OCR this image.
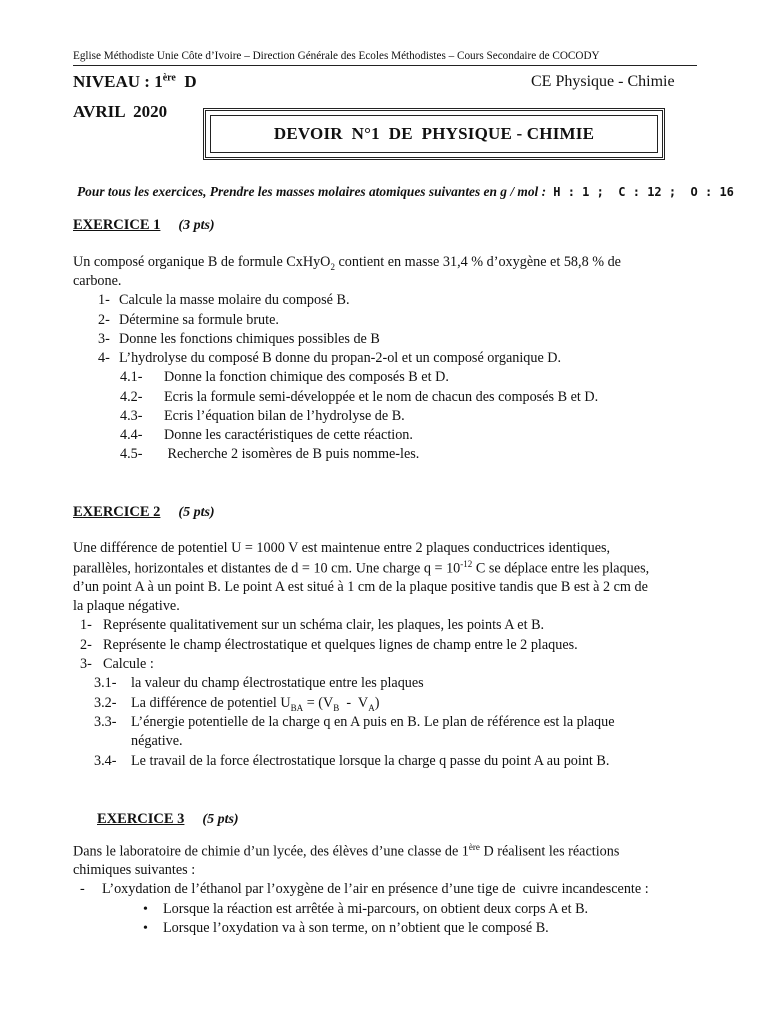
Eglise Méthodiste Unie Côte d’Ivoire – Direction Générale des Ecoles Méthodistes – Cours Secondaire de COCODY
NIVEAU : 1ère  D	CE Physique - Chimie
AVRIL  2020
DEVOIR  N°1  DE  PHYSIQUE - CHIMIE
Pour tous les exercices, Prendre les masses molaires atomiques suivantes en g / mol : H : 1 ;  C : 12 ;  O : 16
EXERCICE 1 (3 pts)
Un composé organique B de formule CxHyO$_2$ contient en masse 31,4 % d’oxygène et 58,8 % de
carbone.
1- Calcule la masse molaire du composé B.
2- Détermine sa formule brute.
3- Donne les fonctions chimiques possibles de B
4- L’hydrolyse du composé B donne du propan-2-ol et un composé organique D.
4.1- Donne la fonction chimique des composés B et D.
4.2- Ecris la formule semi-développée et le nom de chacun des composés B et D.
4.3- Ecris l’équation bilan de l’hydrolyse de B.
4.4- Donne les caractéristiques de cette réaction.
4.5- Recherche 2 isomères de B puis nomme-les.
EXERCICE 2 (5 pts)
Une différence de potentiel U = 1000 V est maintenue entre 2 plaques conductrices identiques,
parallèles, horizontales et distantes de d = 10 cm. Une charge $q = 10^{-12}$ C se déplace entre les plaques,
d’un point A à un point B. Le point A est situé à 1 cm de la plaque positive tandis que B est à 2 cm de
la plaque négative.
1- Représente qualitativement sur un schéma clair, les plaques, les points A et B.
2- Représente le champ électrostatique et quelques lignes de champ entre le 2 plaques.
3- Calcule :
3.1- la valeur du champ électrostatique entre les plaques
3.2- La différence de potentiel $U_{BA} = (V_B - V_A)$
3.3- L’énergie potentielle de la charge q en A puis en B. Le plan de référence est la plaque
négative.
3.4- Le travail de la force électrostatique lorsque la charge q passe du point A au point B.
EXERCICE 3 (5 pts)
Dans le laboratoire de chimie d’un lycée, des élèves d’une classe de 1ère D réalisent les réactions
chimiques suivantes :
- L’oxydation de l’éthanol par l’oxygène de l’air en présence d’une tige de  cuivre incandescente :
• Lorsque la réaction est arrêtée à mi-parcours, on obtient deux corps A et B.
• Lorsque l’oxydation va à son terme, on n’obtient que le composé B.
